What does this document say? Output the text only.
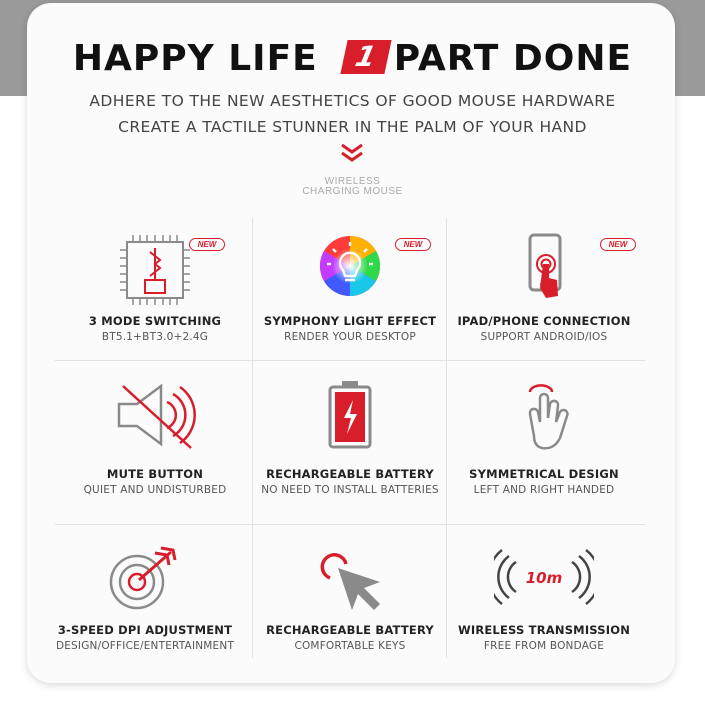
HAPPY LIFE 1 PART DONE
ADHERE TO THE NEW AESTHETICS OF GOOD MOUSE HARDWARE
CREATE A TACTILE STUNNER IN THE PALM OF YOUR HAND
WIRELESS
CHARGING MOUSE
NEW
3 MODE SWITCHING
BT5.1+BT3.0+2.4G
NEW
SYMPHONY LIGHT EFFECT
RENDER YOUR DESKTOP
NEW
IPAD/PHONE CONNECTION
SUPPORT ANDROID/IOS
MUTE BUTTON
QUIET AND UNDISTURBED
RECHARGEABLE BATTERY
NO NEED TO INSTALL BATTERIES
SYMMETRICAL DESIGN
LEFT AND RIGHT HANDED
3-SPEED DPI ADJUSTMENT
DESIGN/OFFICE/ENTERTAINMENT
RECHARGEABLE BATTERY
COMFORTABLE KEYS
10m
WIRELESS TRANSMISSION
FREE FROM BONDAGE
